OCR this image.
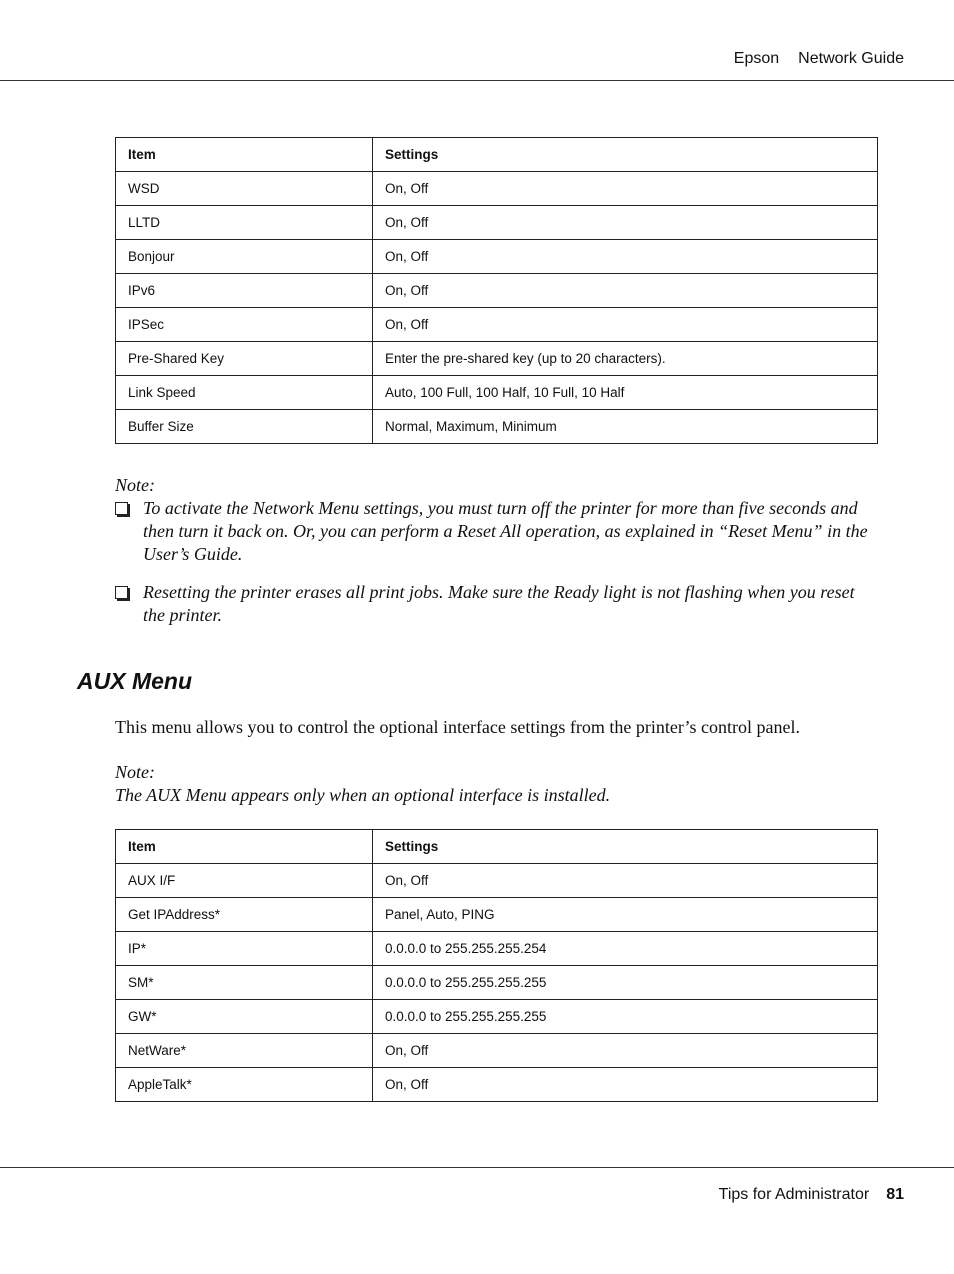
Epson Network Guide
Item	Settings
WSD	On, Off
LLTD	On, Off
Bonjour	On, Off
IPv6	On, Off
IPSec	On, Off
Pre-Shared Key	Enter the pre-shared key (up to 20 characters).
Link Speed	Auto, 100 Full, 100 Half, 10 Full, 10 Half
Buffer Size	Normal, Maximum, Minimum
Note:
To activate the Network Menu settings, you must turn off the printer for more than five seconds and then turn it back on. Or, you can perform a Reset All operation, as explained in “Reset Menu” in the User’s Guide.
Resetting the printer erases all print jobs. Make sure the Ready light is not flashing when you reset the printer.
AUX Menu

This menu allows you to control the optional interface settings from the printer’s control panel.

Note:
The AUX Menu appears only when an optional interface is installed.
Item	Settings
AUX I/F	On, Off
Get IPAddress*	Panel, Auto, PING
IP*	0.0.0.0 to 255.255.255.254
SM*	0.0.0.0 to 255.255.255.255
GW*	0.0.0.0 to 255.255.255.255
NetWare*	On, Off
AppleTalk*	On, Off
Tips for Administrator 81
